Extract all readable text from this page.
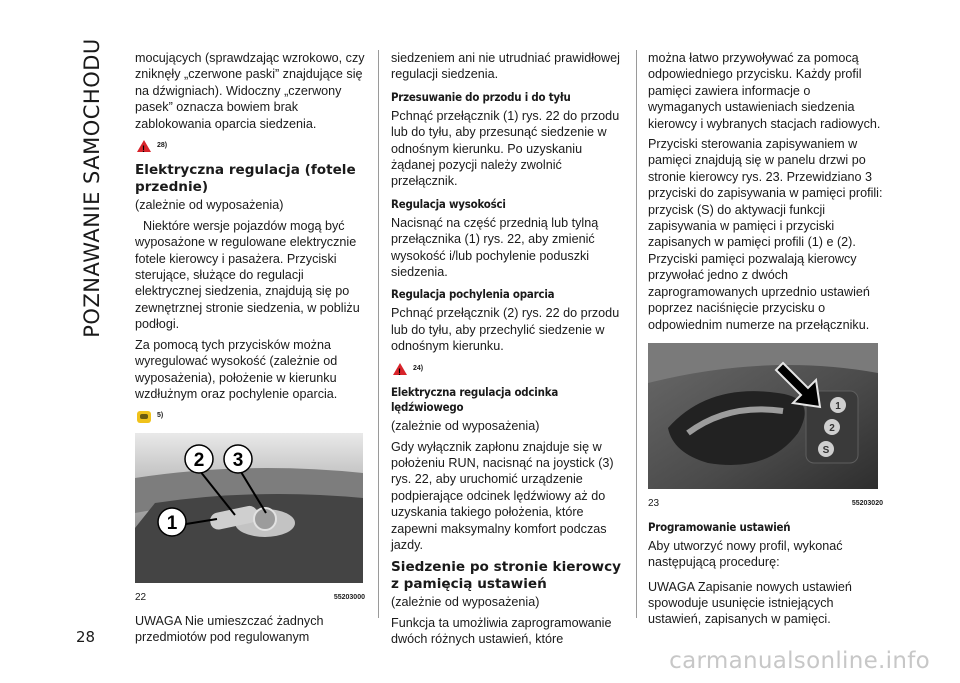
POZNAWANIE SAMOCHODU mocujących (sprawdzając wzrokowo, czy zniknęły „czerwone paski” znajdujące się na dźwigniach). Widoczny „czerwony pasek” oznacza bowiem brak zablokowania oparcia siedzenia.

!
28)
Elektryczna regulacja (fotele przednie)

(zależnie od wyposażenia)

Niektóre wersje pojazdów mogą być wyposażone w regulowane elektrycznie fotele kierowcy i pasażera. Przyciski sterujące, służące do regulacji elektrycznej siedzenia, znajdują się po zewnętrznej stronie siedzenia, w pobliżu podłogi.

Za pomocą tych przycisków można wyregulować wysokość (zależnie od wyposażenia), położenie w kierunku wzdłużnym oraz pochylenie oparcia.

5)
2 3
1
22	55203000

UWAGA Nie umieszczać żadnych przedmiotów pod regulowanym

siedzeniem ani nie utrudniać prawidłowej regulacji siedzenia.

Przesuwanie do przodu i do tyłu

Pchnąć przełącznik (1) rys. 22 do przodu lub do tyłu, aby przesunąć siedzenie w odnośnym kierunku. Po uzyskaniu żądanej pozycji należy zwolnić przełącznik.

Regulacja wysokości

Nacisnąć na część przednią lub tylną przełącznika (1) rys. 22, aby zmienić wysokość i/lub pochylenie poduszki siedzenia.

Regulacja pochylenia oparcia

Pchnąć przełącznik (2) rys. 22 do przodu lub do tyłu, aby przechylić siedzenie w odnośnym kierunku.

!
24)
Elektryczna regulacja odcinka lędźwiowego

(zależnie od wyposażenia)

Gdy wyłącznik zapłonu znajduje się w położeniu RUN, nacisnąć na joystick (3) rys. 22, aby uruchomić urządzenie podpierające odcinek lędźwiowy aż do uzyskania takiego położenia, które zapewni maksymalny komfort podczas jazdy.

Siedzenie po stronie kierowcy z pamięcią ustawień

(zależnie od wyposażenia)

Funkcja ta umożliwia zaprogramowanie dwóch różnych ustawień, które

można łatwo przywoływać za pomocą odpowiedniego przycisku. Każdy profil pamięci zawiera informacje o wymaganych ustawieniach siedzenia kierowcy i wybranych stacjach radiowych.

Przyciski sterowania zapisywaniem w pamięci znajdują się w panelu drzwi po stronie kierowcy rys. 23. Przewidziano 3 przyciski do zapisywania w pamięci profili: przycisk (S) do aktywacji funkcji zapisywania w pamięci i przyciski zapisanych w pamięci profili (1) e (2). Przyciski pamięci pozwalają kierowcy przywołać jedno z dwóch zaprogramowanych uprzednio ustawień poprzez naciśnięcie przycisku o odpowiednim numerze na przełączniku.

1
2
S
23	55203020
Programowanie ustawień

Aby utworzyć nowy profil, wykonać następującą procedurę:

UWAGA Zapisanie nowych ustawień spowoduje usunięcie istniejących ustawień, zapisanych w pamięci.

28
carmanualsonline.info
